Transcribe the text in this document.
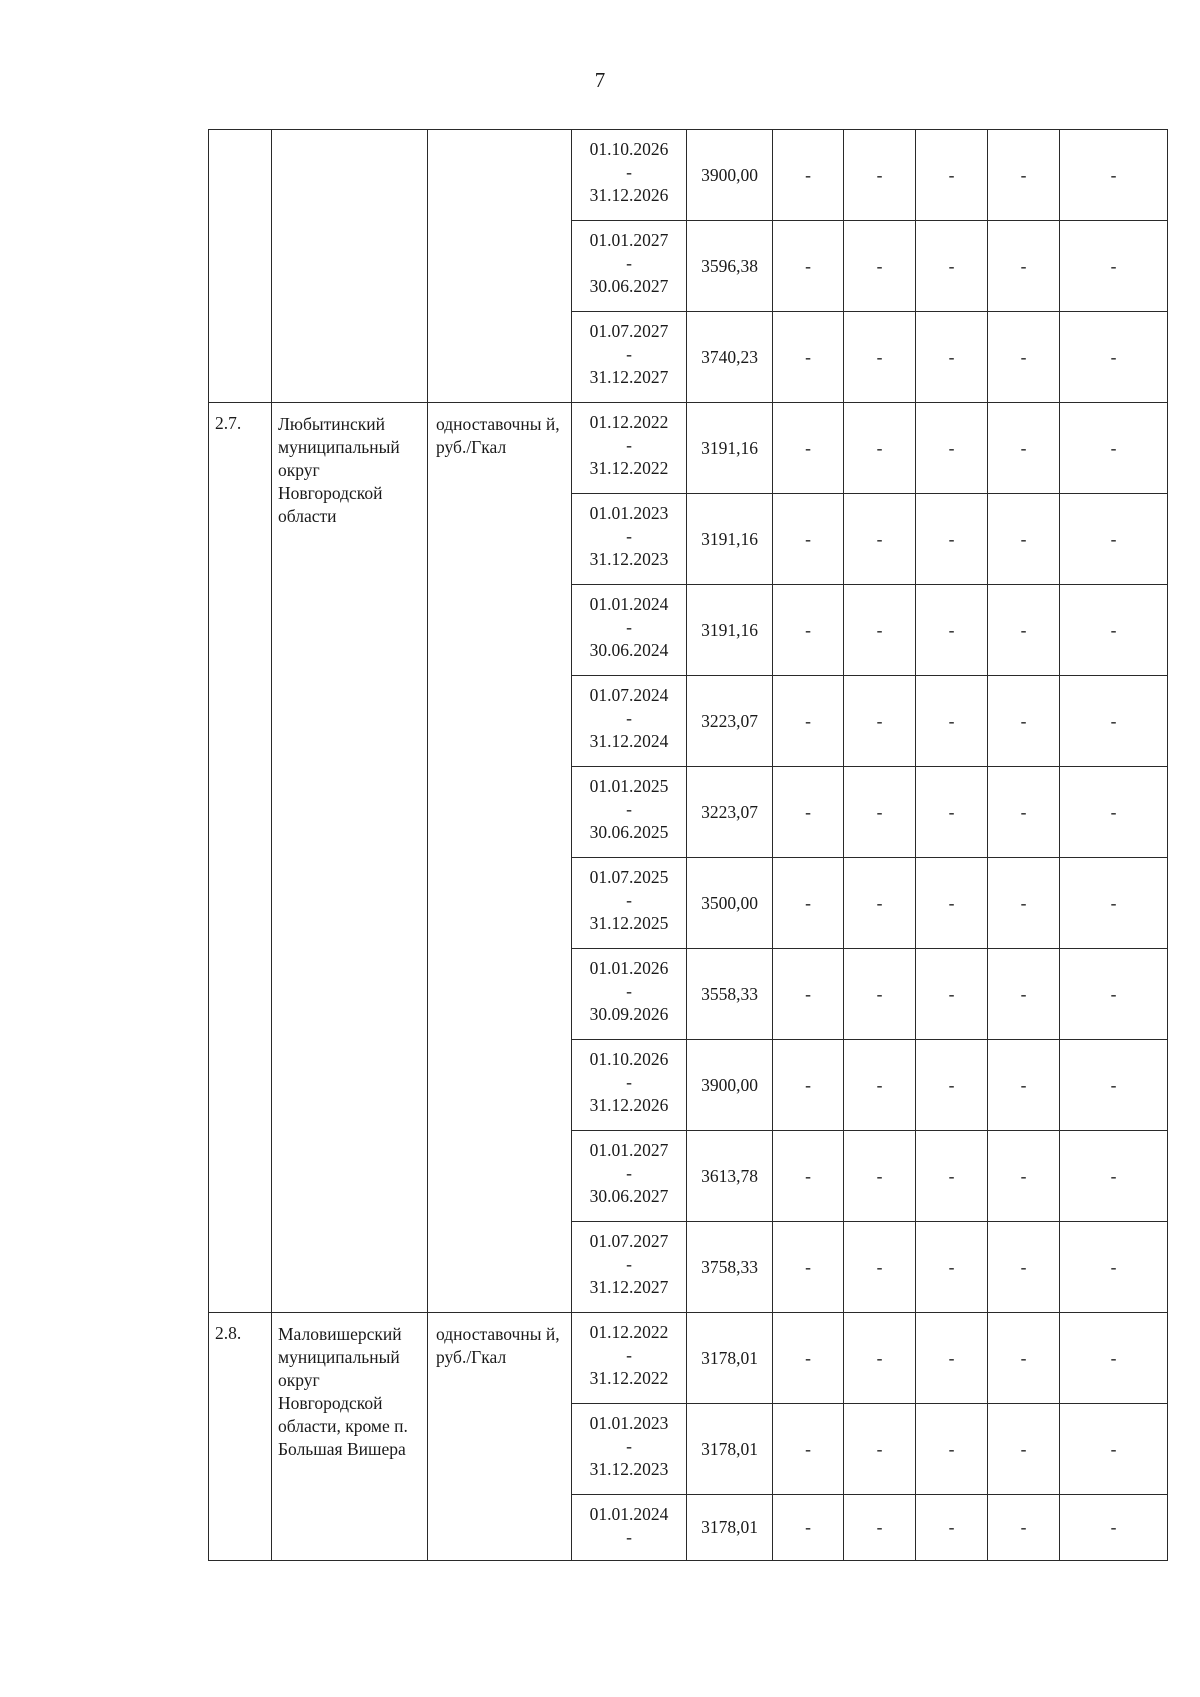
7

			01.10.2026
-
31.12.2026	3900,00	-	-	-	-	-

			01.01.2027
-
30.06.2027	3596,38	-	-	-	-	-

			01.07.2027
-
31.12.2027	3740,23	-	-	-	-	-
2.7.	Любытинский муниципальный округ Новгородской области	одноставочны й, руб./Гкал	01.12.2022
-
31.12.2022	3191,16	-	-	-	-	-

			01.01.2023
-
31.12.2023	3191,16	-	-	-	-	-

			01.01.2024
-
30.06.2024	3191,16	-	-	-	-	-

			01.07.2024
-
31.12.2024	3223,07	-	-	-	-	-

			01.01.2025
-
30.06.2025	3223,07	-	-	-	-	-

			01.07.2025
-
31.12.2025	3500,00	-	-	-	-	-

			01.01.2026
-
30.09.2026	3558,33	-	-	-	-	-

			01.10.2026
-
31.12.2026	3900,00	-	-	-	-	-

			01.01.2027
-
30.06.2027	3613,78	-	-	-	-	-

			01.07.2027
-
31.12.2027	3758,33	-	-	-	-	-
2.8.	Маловишерский муниципальный округ Новгородской области, кроме п. Большая Вишера	одноставочны й, руб./Гкал	01.12.2022
-
31.12.2022	3178,01	-	-	-	-	-

			01.01.2023
-
31.12.2023	3178,01	-	-	-	-	-

			01.01.2024
-	3178,01	-	-	-	-	-
